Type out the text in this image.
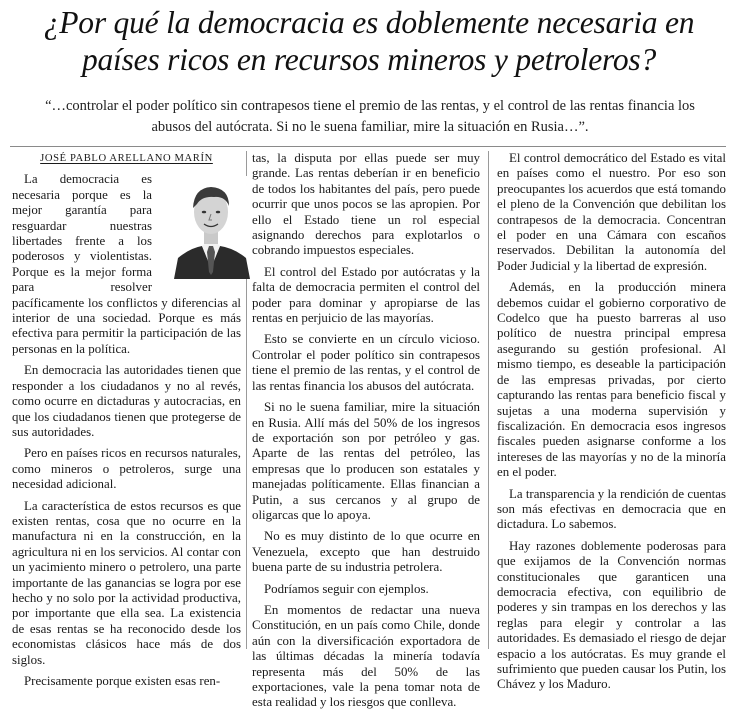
¿Por qué la democracia es doblemente necesaria en países ricos en recursos mineros y petroleros?
“…controlar el poder político sin contrapesos tiene el premio de las rentas, y el control de las rentas financia los abusos del autócrata. Si no le suena familiar, mire la situación en Rusia…”.
JOSÉ PABLO ARELLANO MARÍN

La democracia es necesaria porque es la mejor garantía para resguardar nuestras libertades frente a los poderosos y violentistas. Porque es la mejor forma para resolver pacíficamente los conflictos y diferencias al interior de una sociedad. Porque es más efectiva para permitir la participación de las personas en la política.

En democracia las autoridades tienen que responder a los ciudadanos y no al revés, como ocurre en dictaduras y autocracias, en que los ciudadanos tienen que protegerse de sus autoridades.

Pero en países ricos en recursos naturales, como mineros o petroleros, surge una necesidad adicional.

La característica de estos recursos es que existen rentas, cosa que no ocurre en la manufactura ni en la construcción, en la agricultura ni en los servicios. Al contar con un yacimiento minero o petrolero, una parte importante de las ganancias se logra por ese hecho y no solo por la actividad productiva, por importante que ella sea. La existencia de esas rentas se ha reconocido desde los economistas clásicos hace más de dos siglos.

Precisamente porque existen esas ren-

tas, la disputa por ellas puede ser muy grande. Las rentas deberían ir en beneficio de todos los habitantes del país, pero puede ocurrir que unos pocos se las apropien. Por ello el Estado tiene un rol especial asignando derechos para explotarlos o cobrando impuestos especiales.

El control del Estado por autócratas y la falta de democracia permiten el control del poder para dominar y apropiarse de las rentas en perjuicio de las mayorías.

Esto se convierte en un círculo vicioso. Controlar el poder político sin contrapesos tiene el premio de las rentas, y el control de las rentas financia los abusos del autócrata.

Si no le suena familiar, mire la situación en Rusia. Allí más del 50% de los ingresos de exportación son por petróleo y gas. Aparte de las rentas del petróleo, las empresas que lo producen son estatales y manejadas políticamente. Ellas financian a Putin, a sus cercanos y al grupo de oligarcas que lo apoya.

No es muy distinto de lo que ocurre en Venezuela, excepto que han destruido buena parte de su industria petrolera.

Podríamos seguir con ejemplos.

En momentos de redactar una nueva Constitución, en un país como Chile, donde aún con la diversificación exportadora de las últimas décadas la minería todavía representa más del 50% de las exportaciones, vale la pena tomar nota de esta realidad y los riesgos que conlleva.

El control democrático del Estado es vital en países como el nuestro. Por eso son preocupantes los acuerdos que está tomando el pleno de la Convención que debilitan los contrapesos de la democracia. Concentran el poder en una Cámara con escaños reservados. Debilitan la autonomía del Poder Judicial y la libertad de expresión.

Además, en la producción minera debemos cuidar el gobierno corporativo de Codelco que ha puesto barreras al uso político de nuestra principal empresa asegurando su gestión profesional. Al mismo tiempo, es deseable la participación de las empresas privadas, por cierto capturando las rentas para beneficio fiscal y sujetas a una moderna supervisión y fiscalización. En democracia esos ingresos fiscales pueden asignarse conforme a los intereses de las mayorías y no de la minoría en el poder.

La transparencia y la rendición de cuentas son más efectivas en democracia que en dictadura. Lo sabemos.

Hay razones doblemente poderosas para que exijamos de la Convención normas constitucionales que garanticen una democracia efectiva, con equilibrio de poderes y sin trampas en los derechos y las reglas para elegir y controlar a las autoridades. Es demasiado el riesgo de dejar espacio a los autócratas. Es muy grande el sufrimiento que pueden causar los Putin, los Chávez y los Maduro.
